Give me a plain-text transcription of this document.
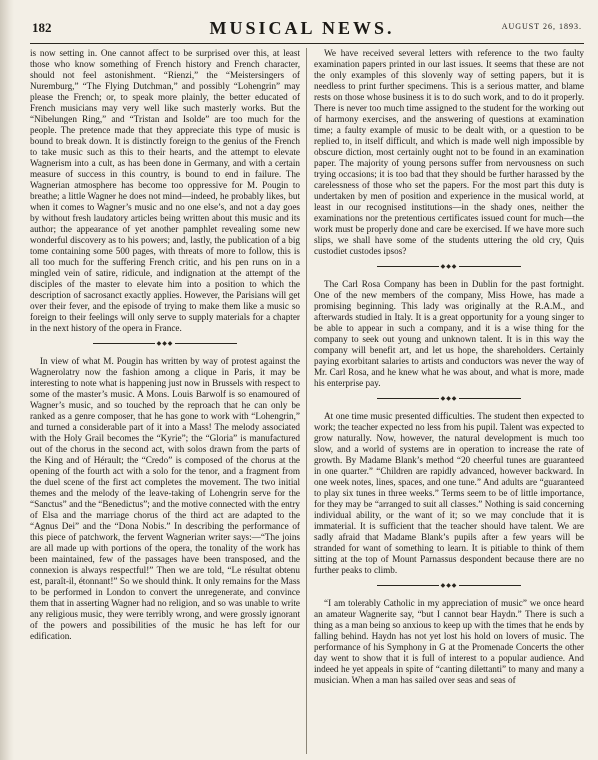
182	MUSICAL NEWS.	AUGUST 26, 1893.

is now setting in. One cannot affect to be surprised over this, at least those who know something of French history and French character, should not feel astonishment. “Rienzi,” the “Meistersingers of Nuremburg,” “The Flying Dutchman,” and possibly “Lohengrin” may please the French; or, to speak more plainly, the better educated of French musicians may very well like such masterly works. But the “Nibelungen Ring,” and “Tristan and Isolde” are too much for the people. The pretence made that they appreciate this type of music is bound to break down. It is distinctly foreign to the genius of the French to take music such as this to their hearts, and the attempt to elevate Wagnerism into a cult, as has been done in Germany, and with a certain measure of success in this country, is bound to end in failure. The Wagnerian atmosphere has become too oppressive for M. Pougin to breathe; a little Wagner he does not mind—indeed, he probably likes, but when it comes to Wagner’s music and no one else’s, and not a day goes by without fresh laudatory articles being written about this music and its author; the appearance of yet another pamphlet revealing some new wonderful discovery as to his powers; and, lastly, the publication of a big tome containing some 500 pages, with threats of more to follow, this is all too much for the suffering French critic, and his pen runs on in a mingled vein of satire, ridicule, and indignation at the attempt of the disciples of the master to elevate him into a position to which the description of sacrosanct exactly applies. However, the Parisians will get over their fever, and the episode of trying to make them like a music so foreign to their feelings will only serve to supply materials for a chapter in the next history of the opera in France.

◆◆◆

In view of what M. Pougin has written by way of protest against the Wagnerolatry now the fashion among a clique in Paris, it may be interesting to note what is happening just now in Brussels with respect to some of the master’s music. A Mons. Louis Barwolf is so enamoured of Wagner’s music, and so touched by the reproach that he can only be ranked as a genre composer, that he has gone to work with “Lohengrin,” and turned a considerable part of it into a Mass! The melody associated with the Holy Grail becomes the “Kyrie”; the “Gloria” is manufactured out of the chorus in the second act, with solos drawn from the parts of the King and of Hérault; the “Credo” is composed of the chorus at the opening of the fourth act with a solo for the tenor, and a fragment from the duel scene of the first act completes the movement. The two initial themes and the melody of the leave-taking of Lohengrin serve for the “Sanctus” and the “Benedictus”; and the motive connected with the entry of Elsa and the marriage chorus of the third act are adapted to the “Agnus Dei” and the “Dona Nobis.” In describing the performance of this piece of patchwork, the fervent Wagnerian writer says:—“The joins are all made up with portions of the opera, the tonality of the work has been maintained, few of the passages have been transposed, and the connexion is always respectful!” Then we are told, “Le résultat obtenu est, paraît-il, étonnant!” So we should think. It only remains for the Mass to be performed in London to convert the unregenerate, and convince them that in asserting Wagner had no religion, and so was unable to write any religious music, they were terribly wrong, and were grossly ignorant of the powers and possibilities of the music he has left for our edification.

We have received several letters with reference to the two faulty examination papers printed in our last issues. It seems that these are not the only examples of this slovenly way of setting papers, but it is needless to print further specimens. This is a serious matter, and blame rests on those whose business it is to do such work, and to do it properly. There is never too much time assigned to the student for the working out of harmony exercises, and the answering of questions at examination time; a faulty example of music to be dealt with, or a question to be replied to, in itself difficult, and which is made well nigh impossible by obscure diction, most certainly ought not to be found in an examination paper. The majority of young persons suffer from nervousness on such trying occasions; it is too bad that they should be further harassed by the carelessness of those who set the papers. For the most part this duty is undertaken by men of position and experience in the musical world, at least in our recognised institutions—in the shady ones, neither the examinations nor the pretentious certificates issued count for much—the work must be properly done and care be exercised. If we have more such slips, we shall have some of the students uttering the old cry, Quis custodiet custodes ipsos?

◆◆◆

The Carl Rosa Company has been in Dublin for the past fortnight. One of the new members of the company, Miss Howe, has made a promising beginning. This lady was originally at the R.A.M., and afterwards studied in Italy. It is a great opportunity for a young singer to be able to appear in such a company, and it is a wise thing for the company to seek out young and unknown talent. It is in this way the company will benefit art, and let us hope, the shareholders. Certainly paying exorbitant salaries to artists and conductors was never the way of Mr. Carl Rosa, and he knew what he was about, and what is more, made his enterprise pay.

◆◆◆

At one time music presented difficulties. The student then expected to work; the teacher expected no less from his pupil. Talent was expected to grow naturally. Now, however, the natural development is much too slow, and a world of systems are in operation to increase the rate of growth. By Madame Blank’s method “20 cheerful tunes are guaranteed in one quarter.” “Children are rapidly advanced, however backward. In one week notes, lines, spaces, and one tune.” And adults are “guaranteed to play six tunes in three weeks.” Terms seem to be of little importance, for they may be “arranged to suit all classes.” Nothing is said concerning individual ability, or the want of it; so we may conclude that it is immaterial. It is sufficient that the teacher should have talent. We are sadly afraid that Madame Blank’s pupils after a few years will be stranded for want of something to learn. It is pitiable to think of them sitting at the top of Mount Parnassus despondent because there are no further peaks to climb.

◆◆◆

“I am tolerably Catholic in my appreciation of music” we once heard an amateur Wagnerite say, “but I cannot bear Haydn.” There is such a thing as a man being so anxious to keep up with the times that he ends by falling behind. Haydn has not yet lost his hold on lovers of music. The performance of his Symphony in G at the Promenade Concerts the other day went to show that it is full of interest to a popular audience. And indeed he yet appeals in spite of “canting dilettanti” to many and many a musician. When a man has sailed over seas and seas of
